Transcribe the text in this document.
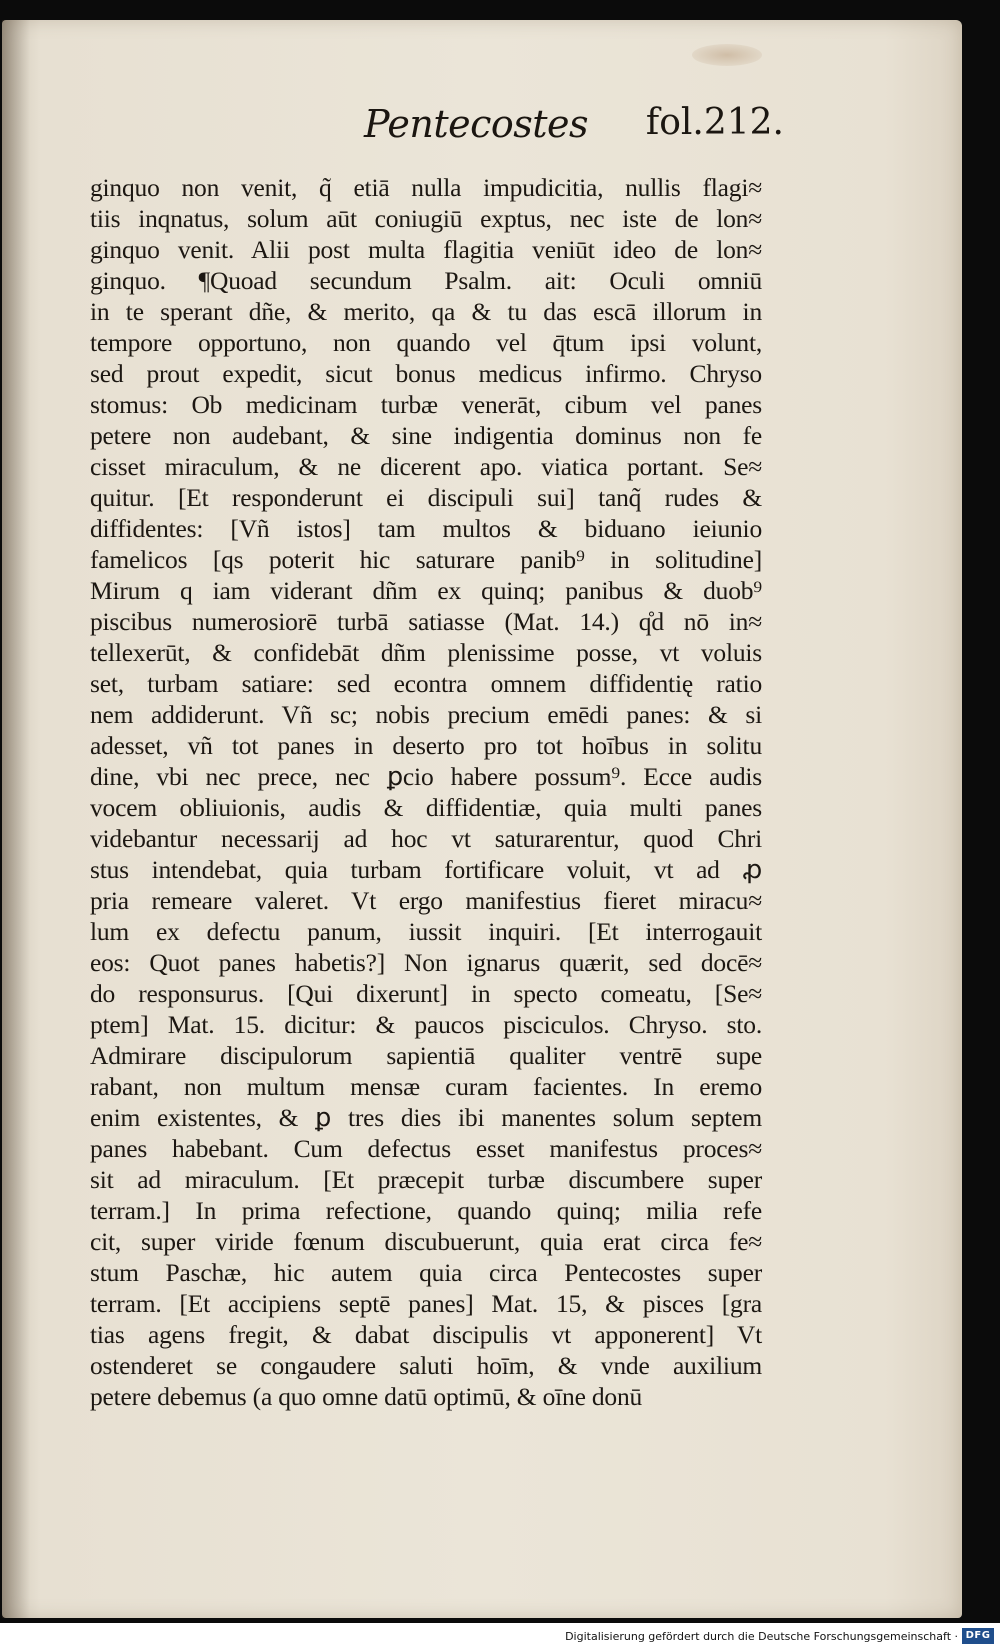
Pentecostes fol.212.
ginquo non venit, q̃ etiā nulla impudicitia, nullis flagi≈
tiis inqnatus, solum aūt coniugiū exptus, nec iste de lon≈
ginquo venit. Alii post multa flagitia veniūt ideo de lon≈
ginquo. ¶Quoad secundum Psalm. ait: Oculi omniū
in te sperant dñe, & merito, qa & tu das escā illorum in
tempore opportuno, non quando vel q̄tum ipsi volunt,
sed prout expedit, sicut bonus medicus infirmo. Chryso
stomus: Ob medicinam turbæ venerāt, cibum vel panes
petere non audebant, & sine indigentia dominus non fe
cisset miraculum, & ne dicerent apo. viatica portant. Se≈
quitur. [Et responderunt ei discipuli sui] tanq̃ rudes &
diffidentes: [Vñ istos] tam multos & biduano ieiunio
famelicos [qs poterit hic saturare panib⁹ in solitudine]
Mirum q iam viderant dñm ex quinq; panibus & duob⁹
piscibus numerosiorē turbā satiasse (Mat. 14.) q̊d nō in≈
tellexerūt, & confidebāt dñm plenissime posse, vt voluis
set, turbam satiare: sed econtra omnem diffidentię ratio
nem addiderunt. Vñ sc; nobis precium emēdi panes: & si
adesset, vñ tot panes in deserto pro tot hoībus in solitu
dine, vbi nec prece, nec ꝑcio habere possum⁹. Ecce audis
vocem obliuionis, audis & diffidentiæ, quia multi panes
videbantur necessarij ad hoc vt saturarentur, quod Chri
stus intendebat, quia turbam fortificare voluit, vt ad ꝓ
pria remeare valeret. Vt ergo manifestius fieret miracu≈
lum ex defectu panum, iussit inquiri. [Et interrogauit
eos: Quot panes habetis?] Non ignarus quærit, sed docē≈
do responsurus. [Qui dixerunt] in specto comeatu, [Se≈
ptem] Mat. 15. dicitur: & paucos pisciculos. Chryso. sto.
Admirare discipulorum sapientiā qualiter ventrē supe
rabant, non multum mensæ curam facientes. In eremo
enim existentes, & ꝑ tres dies ibi manentes solum septem
panes habebant. Cum defectus esset manifestus proces≈
sit ad miraculum. [Et præcepit turbæ discumbere super
terram.] In prima refectione, quando quinq; milia refe
cit, super viride fœnum discubuerunt, quia erat circa fe≈
stum Paschæ, hic autem quia circa Pentecostes super
terram. [Et accipiens septē panes] Mat. 15, & pisces [gra
tias agens fregit, & dabat discipulis vt apponerent] Vt
ostenderet se congaudere saluti hoīm, & vnde auxilium
petere debemus (a quo omne datū optimū, & oīne donū
Digitalisierung gefördert durch die Deutsche Forschungsgemeinschaft · DFG
